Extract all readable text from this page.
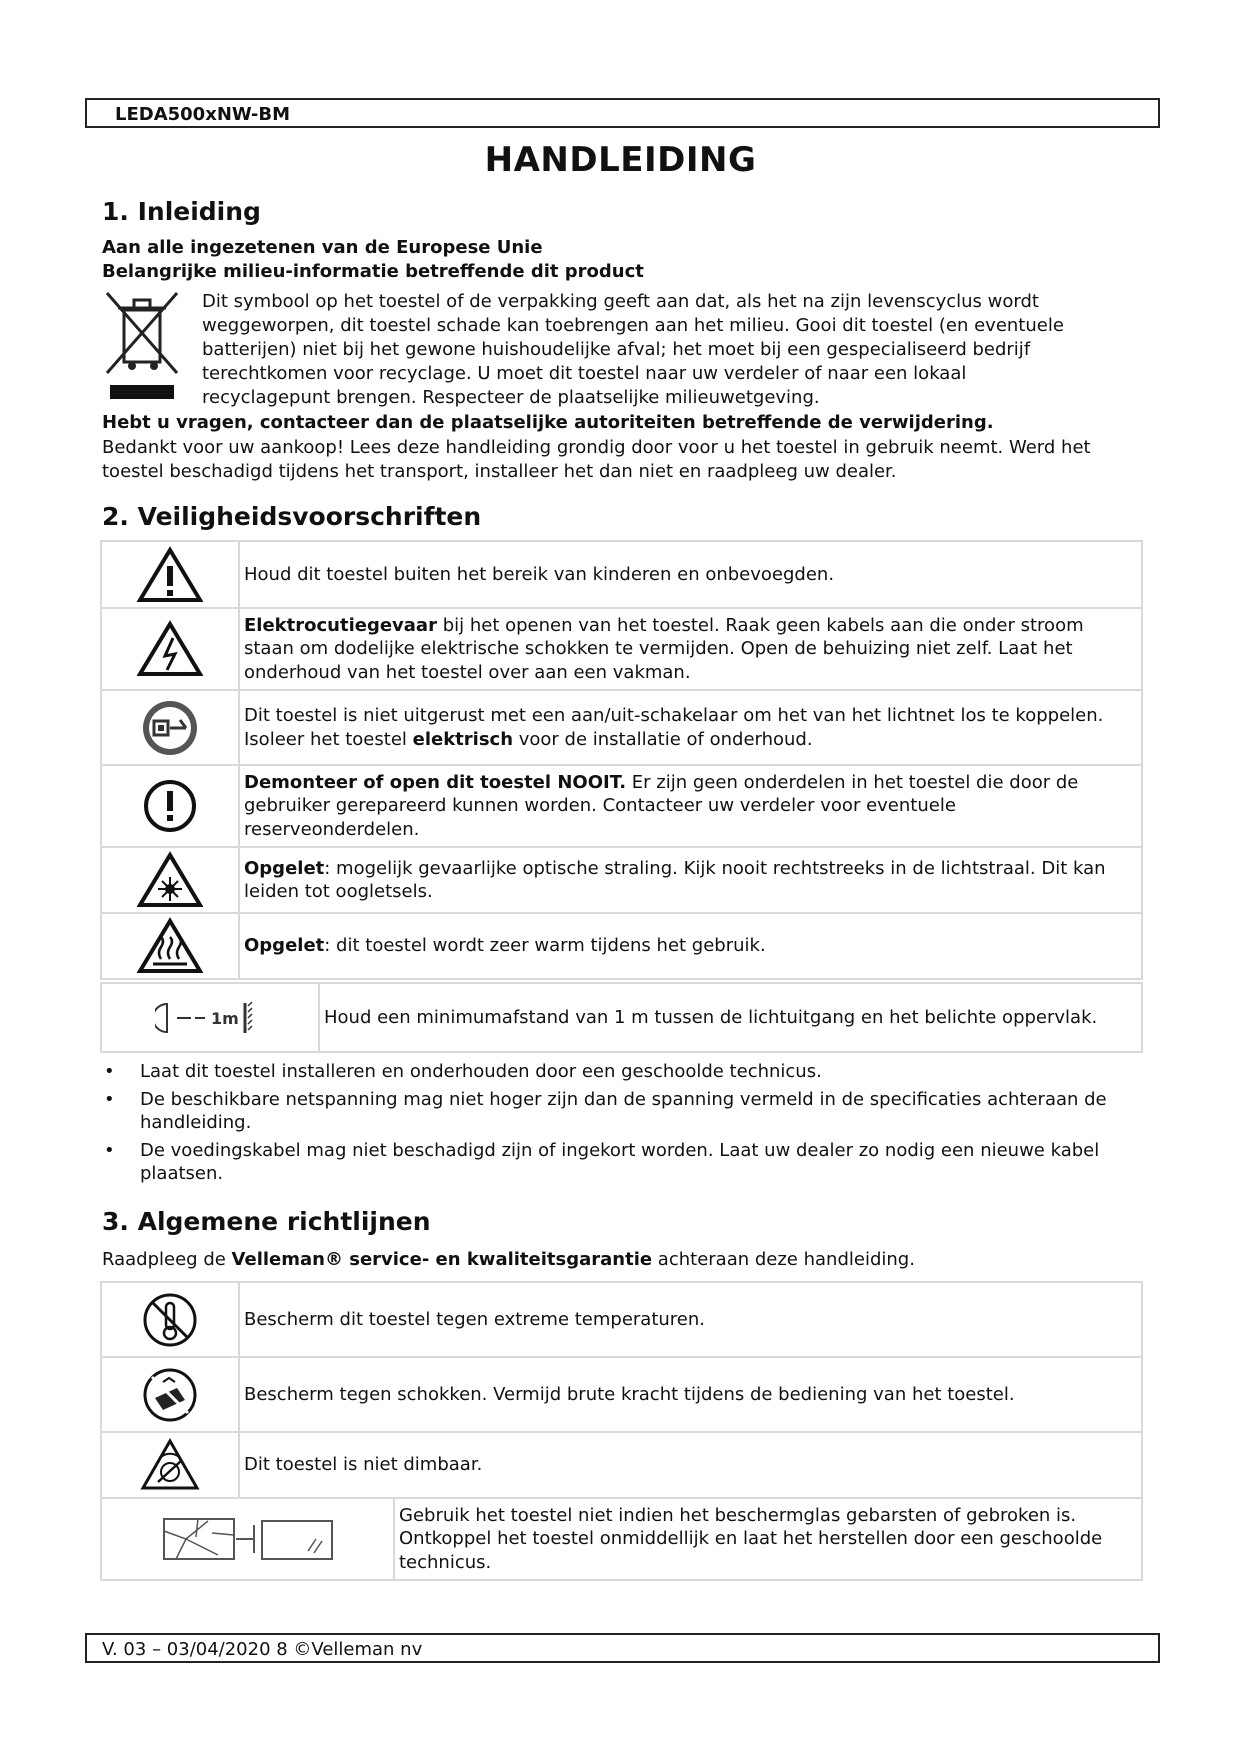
LEDA500xNW-BM
HANDLEIDING
1. Inleiding
Aan alle ingezetenen van de Europese Unie
Belangrijke milieu-informatie betreffende dit product
Dit symbool op het toestel of de verpakking geeft aan dat, als het na zijn levenscyclus wordt
weggeworpen, dit toestel schade kan toebrengen aan het milieu. Gooi dit toestel (en eventuele
batterijen) niet bij het gewone huishoudelijke afval; het moet bij een gespecialiseerd bedrijf
terechtkomen voor recyclage. U moet dit toestel naar uw verdeler of naar een lokaal
recyclagepunt brengen. Respecteer de plaatselijke milieuwetgeving.
Hebt u vragen, contacteer dan de plaatselijke autoriteiten betreffende de verwijdering.
Bedankt voor uw aankoop! Lees deze handleiding grondig door voor u het toestel in gebruik neemt. Werd het toestel beschadigd tijdens het transport, installeer het dan niet en raadpleeg uw dealer.
2. Veiligheidsvoorschriften
	Houd dit toestel buiten het bereik van kinderen en onbevoegden.

	Elektrocutiegevaar bij het openen van het toestel. Raak geen kabels aan die onder stroom staan om dodelijke elektrische schokken te vermijden. Open de behuizing niet zelf. Laat het onderhoud van het toestel over aan een vakman.

	Dit toestel is niet uitgerust met een aan/uit-schakelaar om het van het lichtnet los te koppelen. Isoleer het toestel elektrisch voor de installatie of onderhoud.

	Demonteer of open dit toestel NOOIT. Er zijn geen onderdelen in het toestel die door de gebruiker gerepareerd kunnen worden. Contacteer uw verdeler voor eventuele reserveonderdelen.

	Opgelet: mogelijk gevaarlijke optische straling. Kijk nooit rechtstreeks in de lichtstraal. Dit kan leiden tot oogletsels.

	Opgelet: dit toestel wordt zeer warm tijdens het gebruik.
1m	Houd een minimumafstand van 1 m tussen de lichtuitgang en het belichte oppervlak.
• Laat dit toestel installeren en onderhouden door een geschoolde technicus.
• De beschikbare netspanning mag niet hoger zijn dan de spanning vermeld in de specificaties achteraan de handleiding.
• De voedingskabel mag niet beschadigd zijn of ingekort worden. Laat uw dealer zo nodig een nieuwe kabel plaatsen.
3. Algemene richtlijnen
Raadpleeg de Velleman® service- en kwaliteitsgarantie achteraan deze handleiding.
	Bescherm dit toestel tegen extreme temperaturen.

	Bescherm tegen schokken. Vermijd brute kracht tijdens de bediening van het toestel.

	Dit toestel is niet dimbaar.
	Gebruik het toestel niet indien het beschermglas gebarsten of gebroken is. Ontkoppel het toestel onmiddellijk en laat het herstellen door een geschoolde technicus.
V. 03 – 03/04/2020 8 ©Velleman nv
